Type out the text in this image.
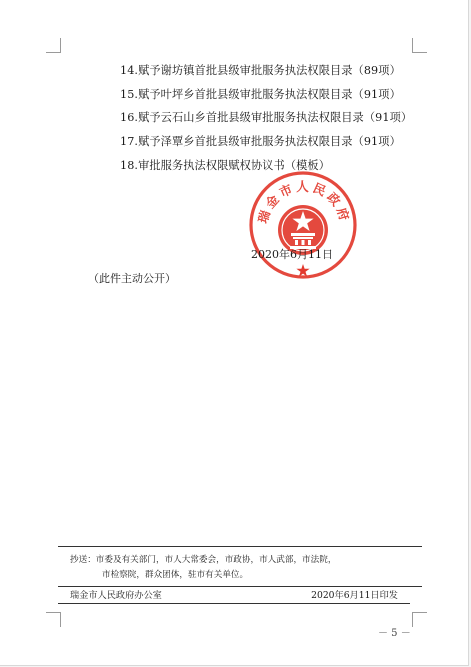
14.赋予谢坊镇首批县级审批服务执法权限目录（89项）
15.赋予叶坪乡首批县级审批服务执法权限目录（91项）
16.赋予云石山乡首批县级审批服务执法权限目录（91项）
17.赋予泽覃乡首批县级审批服务执法权限目录（91项）
18.审批服务执法权限赋权协议书（模板）
瑞金市人民政府
2020年6月11日
（此件主动公开）
抄送：市委及有关部门，市人大常委会，市政协，市人武部，市法院，
市检察院，群众团体，驻市有关单位。
瑞金市人民政府办公室	2020年6月11日印发
－ 5 －
